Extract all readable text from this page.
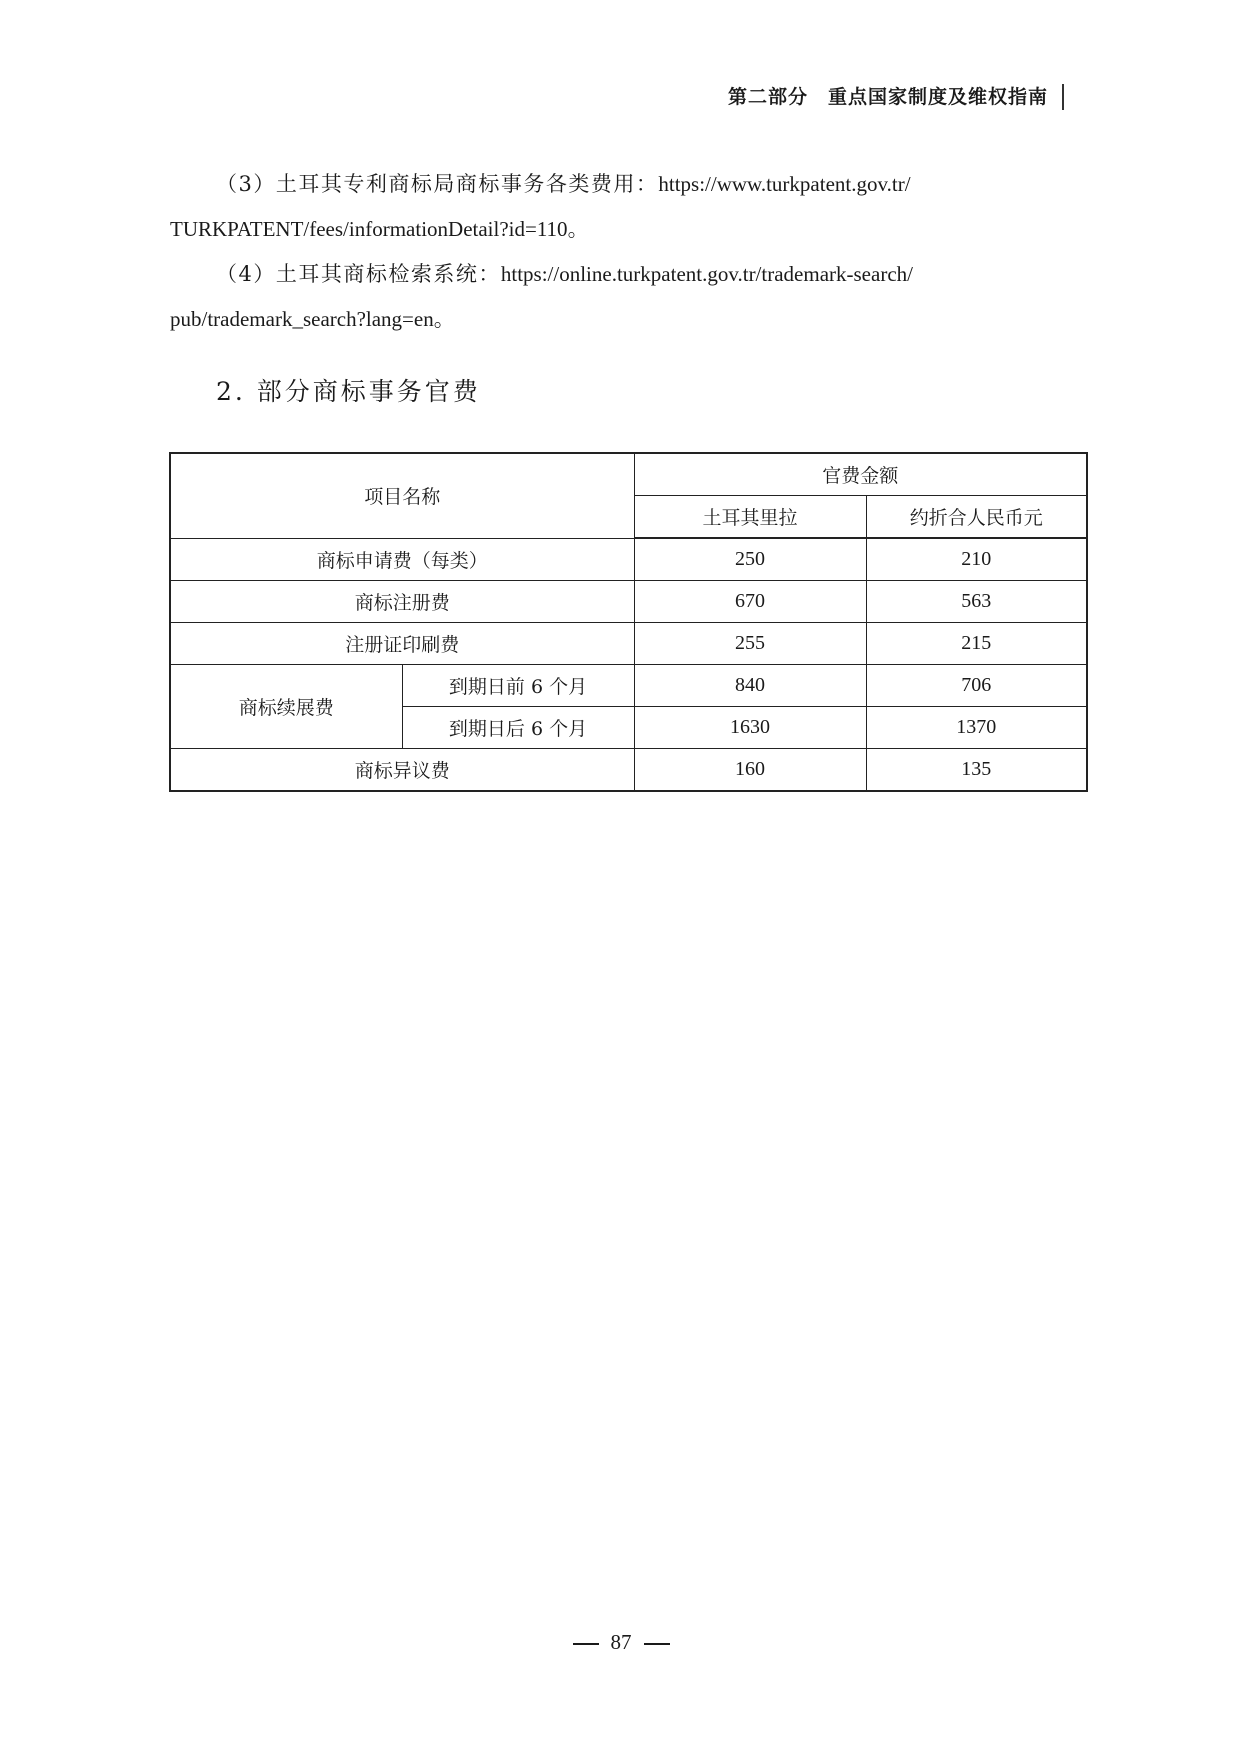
第二部分　重点国家制度及维权指南
（3）土耳其专利商标局商标事务各类费用：https://www.turkpatent.gov.tr/
TURKPATENT/fees/informationDetail?id=110。
（4）土耳其商标检索系统：https://online.turkpatent.gov.tr/trademark-search/
pub/trademark_search?lang=en。
2. 部分商标事务官费
项目名称		官费金额	
		土耳其里拉	约折合人民币元
商标申请费（每类）		250	210
商标注册费		670	563
注册证印刷费		255	215
商标续展费	到期日前 6 个月	840	706
	到期日后 6 个月	1630	1370
商标异议费		160	135
87
